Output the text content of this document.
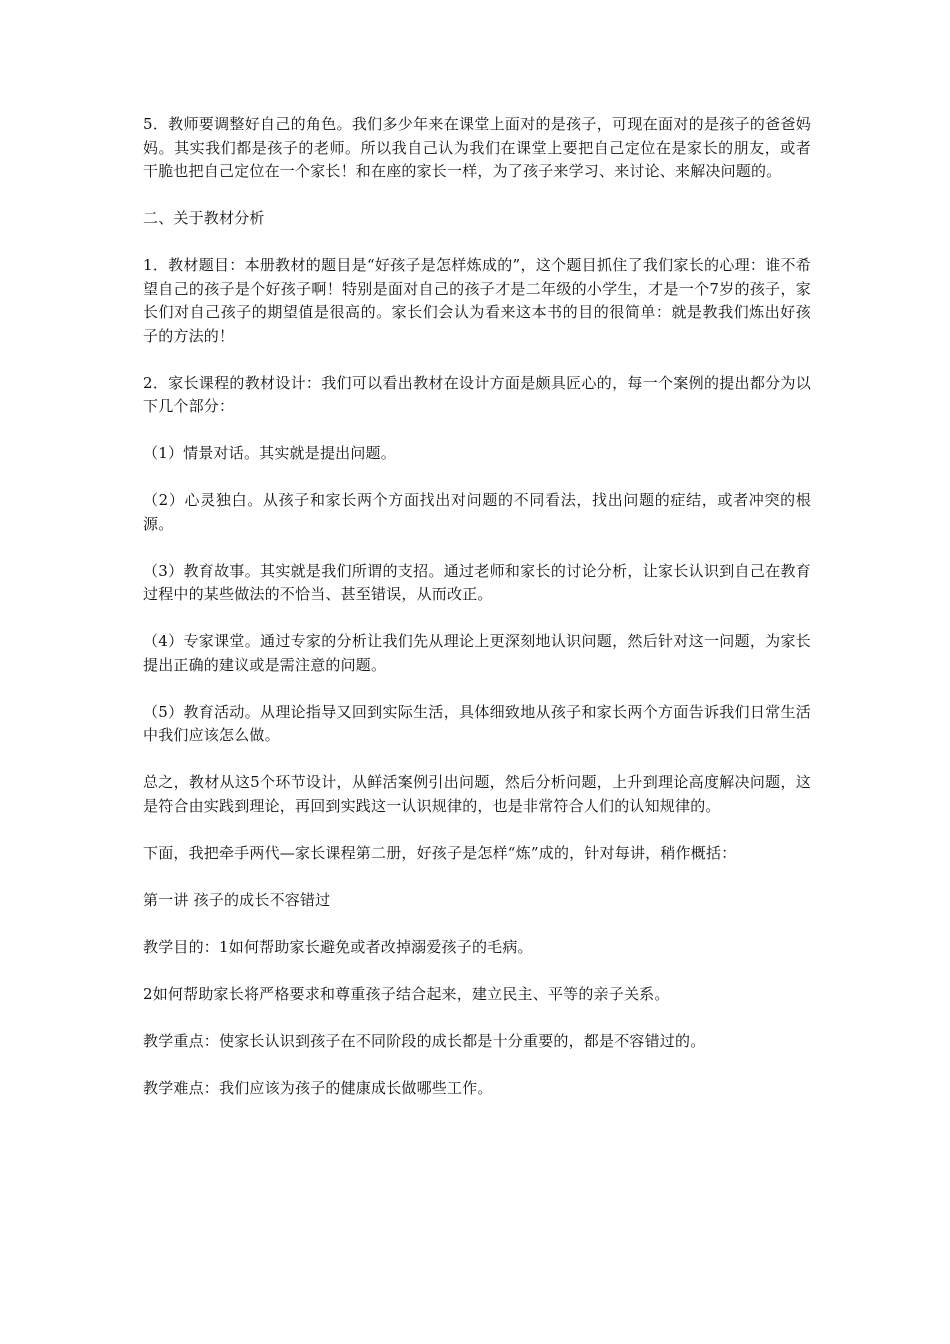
5．教师要调整好自己的角色。我们多少年来在课堂上面对的是孩子，可现在面对的是孩子的爸爸妈妈。其实我们都是孩子的老师。所以我自己认为我们在课堂上要把自己定位在是家长的朋友，或者干脆也把自己定位在一个家长！和在座的家长一样，为了孩子来学习、来讨论、来解决问题的。

二、关于教材分析

1．教材题目：本册教材的题目是“好孩子是怎样炼成的”，这个题目抓住了我们家长的心理：谁不希望自己的孩子是个好孩子啊！特别是面对自己的孩子才是二年级的小学生，才是一个7岁的孩子，家长们对自己孩子的期望值是很高的。家长们会认为看来这本书的目的很简单：就是教我们炼出好孩子的方法的！

2．家长课程的教材设计：我们可以看出教材在设计方面是颇具匠心的，每一个案例的提出都分为以下几个部分：

（1）情景对话。其实就是提出问题。

（2）心灵独白。从孩子和家长两个方面找出对问题的不同看法，找出问题的症结，或者冲突的根源。

（3）教育故事。其实就是我们所谓的支招。通过老师和家长的讨论分析，让家长认识到自己在教育过程中的某些做法的不恰当、甚至错误，从而改正。

（4）专家课堂。通过专家的分析让我们先从理论上更深刻地认识问题，然后针对这一问题，为家长提出正确的建议或是需注意的问题。

（5）教育活动。从理论指导又回到实际生活，具体细致地从孩子和家长两个方面告诉我们日常生活中我们应该怎么做。

总之，教材从这5个环节设计，从鲜活案例引出问题，然后分析问题，上升到理论高度解决问题，这是符合由实践到理论，再回到实践这一认识规律的，也是非常符合人们的认知规律的。

下面，我把牵手两代—家长课程第二册，好孩子是怎样“炼”成的，针对每讲，稍作概括：

第一讲 孩子的成长不容错过

教学目的：1如何帮助家长避免或者改掉溺爱孩子的毛病。

2如何帮助家长将严格要求和尊重孩子结合起来，建立民主、平等的亲子关系。

教学重点：使家长认识到孩子在不同阶段的成长都是十分重要的，都是不容错过的。

教学难点：我们应该为孩子的健康成长做哪些工作。
